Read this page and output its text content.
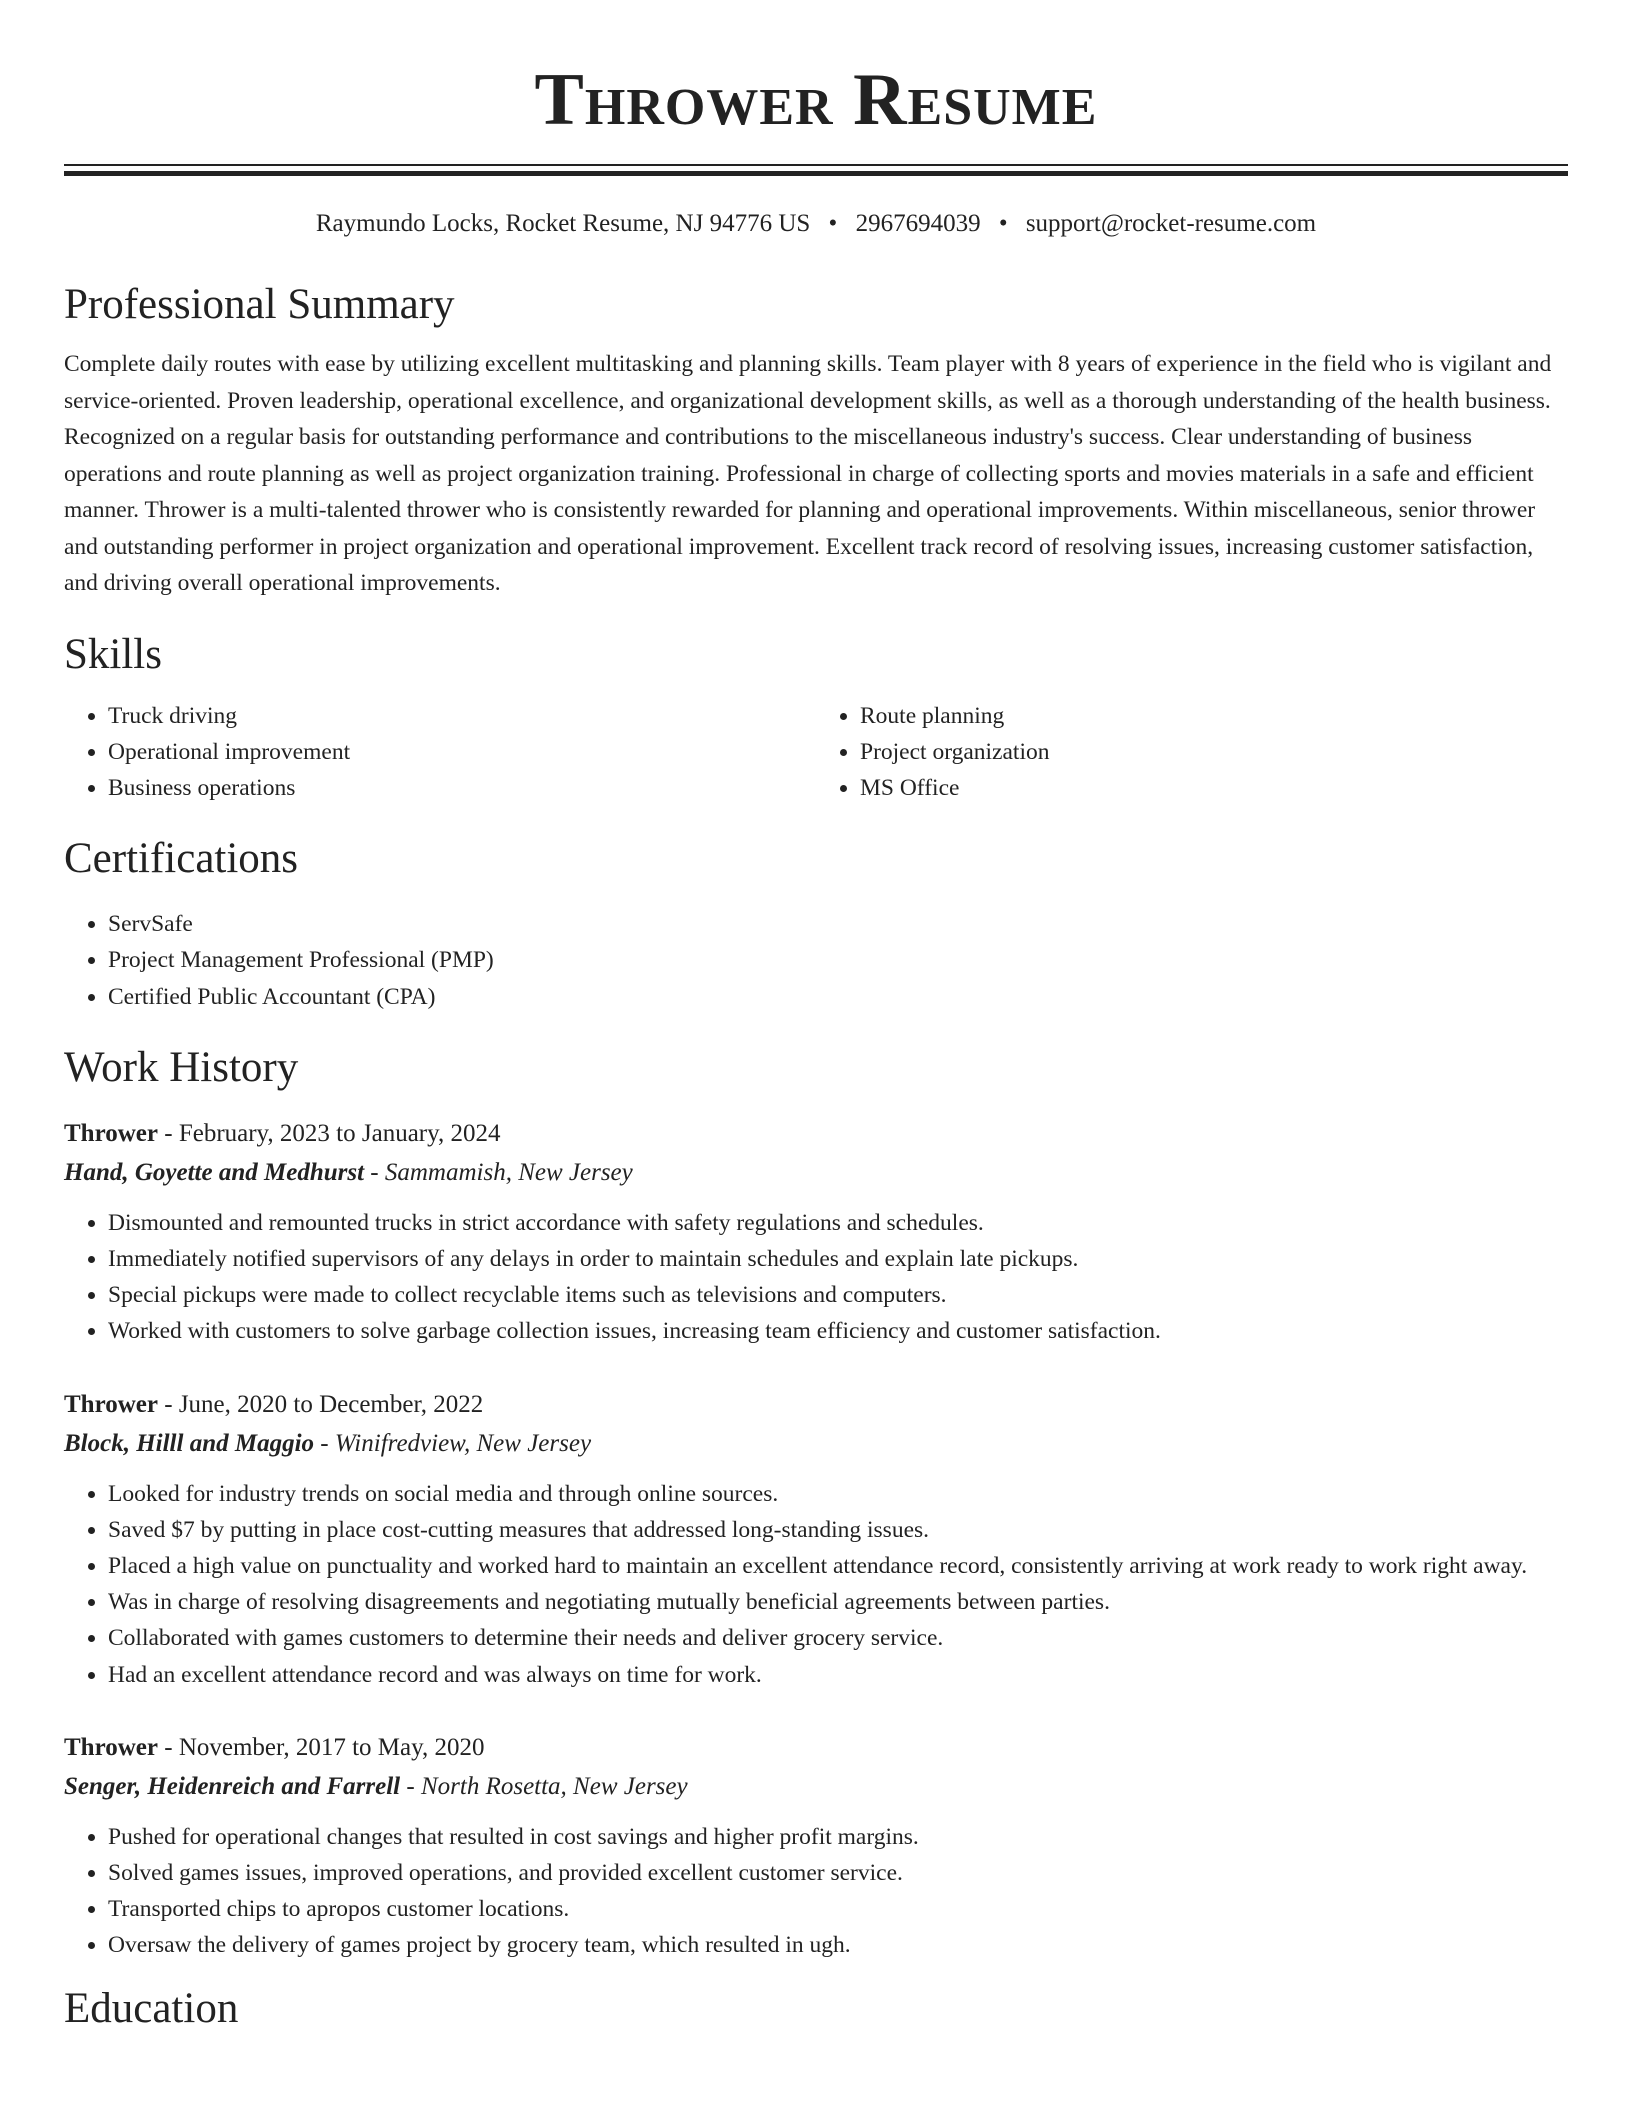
Thrower Resume
Raymundo Locks, Rocket Resume, NJ 94776 US • 2967694039 • support@rocket-resume.com
Professional Summary

Complete daily routes with ease by utilizing excellent multitasking and planning skills. Team player with 8 years of experience in the field who is vigilant and service-oriented. Proven leadership, operational excellence, and organizational development skills, as well as a thorough understanding of the health business. Recognized on a regular basis for outstanding performance and contributions to the miscellaneous industry's success. Clear understanding of business operations and route planning as well as project organization training. Professional in charge of collecting sports and movies materials in a safe and efficient manner. Thrower is a multi-talented thrower who is consistently rewarded for planning and operational improvements. Within miscellaneous, senior thrower and outstanding performer in project organization and operational improvement. Excellent track record of resolving issues, increasing customer satisfaction, and driving overall operational improvements.

Skills
• Truck driving
• Operational improvement
• Business operations
• Route planning
• Project organization
• MS Office
Certifications
• ServSafe
• Project Management Professional (PMP)
• Certified Public Accountant (CPA)
Work History
Thrower - February, 2023 to January, 2024
Hand, Goyette and Medhurst - Sammamish, New Jersey
• Dismounted and remounted trucks in strict accordance with safety regulations and schedules.
• Immediately notified supervisors of any delays in order to maintain schedules and explain late pickups.
• Special pickups were made to collect recyclable items such as televisions and computers.
• Worked with customers to solve garbage collection issues, increasing team efficiency and customer satisfaction.
Thrower - June, 2020 to December, 2022
Block, Hilll and Maggio - Winifredview, New Jersey
• Looked for industry trends on social media and through online sources.
• Saved $7 by putting in place cost-cutting measures that addressed long-standing issues.
• Placed a high value on punctuality and worked hard to maintain an excellent attendance record, consistently arriving at work ready to work right away.
• Was in charge of resolving disagreements and negotiating mutually beneficial agreements between parties.
• Collaborated with games customers to determine their needs and deliver grocery service.
• Had an excellent attendance record and was always on time for work.
Thrower - November, 2017 to May, 2020
Senger, Heidenreich and Farrell - North Rosetta, New Jersey
• Pushed for operational changes that resulted in cost savings and higher profit margins.
• Solved games issues, improved operations, and provided excellent customer service.
• Transported chips to apropos customer locations.
• Oversaw the delivery of games project by grocery team, which resulted in ugh.
Education
